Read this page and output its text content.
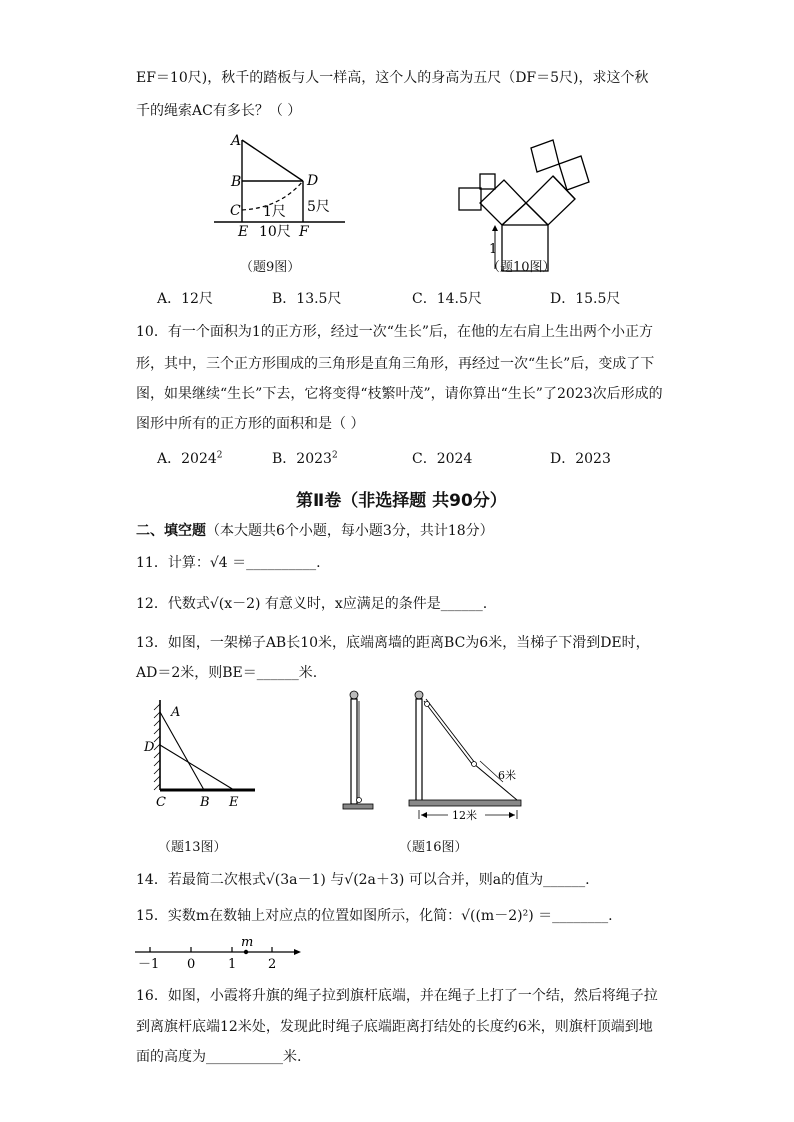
EF＝10尺)，秋千的踏板与人一样高，这个人的身高为五尺（DF＝5尺)，求这个秋
千的绳索AC有多长？（ ）
A
B
C
D
1尺 5尺
E 10尺 F
（题9图）
1
（题10图）
A．12尺	B．13.5尺	C．14.5尺	D．15.5尺
10．有一个面积为1的正方形，经过一次“生长”后，在他的左右肩上生出两个小正方
形，其中，三个正方形围成的三角形是直角三角形，再经过一次“生长”后，变成了下
图，如果继续“生长”下去，它将变得“枝繁叶茂”，请你算出“生长”了2023次后形成的
图形中所有的正方形的面积和是（ ）
A．2024$^2$	B．2023$^2$	C．2024	D．2023
第Ⅱ卷（非选择题 共90分）
二、填空题（本大题共6个小题，每小题3分，共计18分）
11．计算：√4 ＝__________.
12．代数式√(x－2) 有意义时，x应满足的条件是______.
13．如图，一架梯子AB长10米，底端离墙的距离BC为6米，当梯子下滑到DE时，
AD＝2米，则BE＝______米.
A
D
C	B E
（题13图）
6米
12米
（题16图）
14．若最简二次根式√(3a－1) 与√(2a＋3) 可以合并，则a的值为______.
15．实数m在数轴上对应点的位置如图所示，化简：√((m－2)²) ＝________.
m
－1 0	1 2
16．如图，小霞将升旗的绳子拉到旗杆底端，并在绳子上打了一个结，然后将绳子拉
到离旗杆底端12米处，发现此时绳子底端距离打结处的长度约6米，则旗杆顶端到地
面的高度为___________米.
